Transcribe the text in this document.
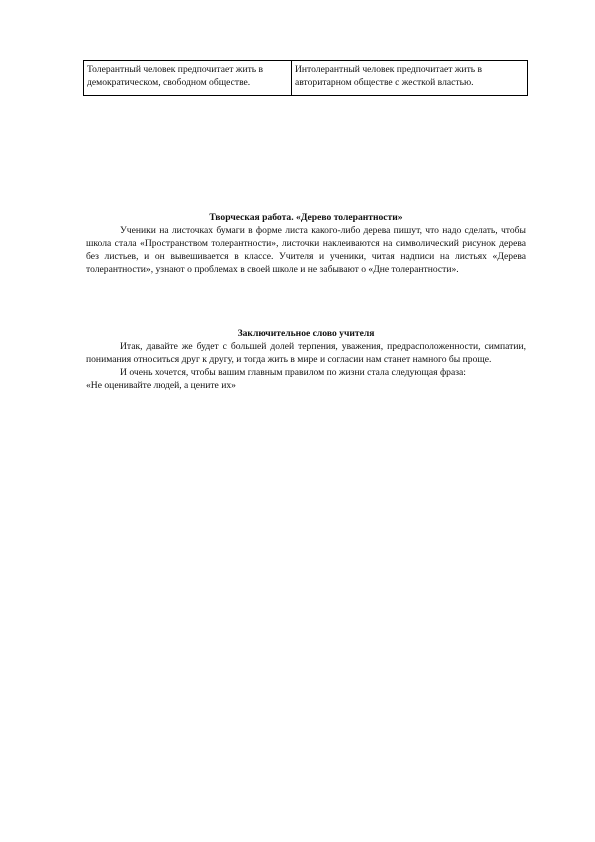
Толерантный человек предпочитает жить в демократическом, свободном обществе.	Интолерантный человек предпочитает жить в авторитарном обществе с жесткой властью.
Творческая работа. «Дерево толерантности»

Ученики на листочках бумаги в форме листа какого-либо дерева пишут, что надо сделать, чтобы школа стала «Пространством толерантности», листочки наклеиваются на символический рисунок дерева без листьев, и он вывешивается в классе. Учителя и ученики, читая надписи на листьях «Дерева толерантности», узнают о проблемах в своей школе и не забывают о «Дне толерантности».

Заключительное слово учителя

Итак, давайте же будет с большей долей терпения, уважения, предрасположенности, симпатии, понимания относиться друг к другу, и тогда жить в мире и согласии нам станет намного бы проще.

И очень хочется, чтобы вашим главным правилом по жизни стала следующая фраза:

«Не оценивайте людей, а цените их»
